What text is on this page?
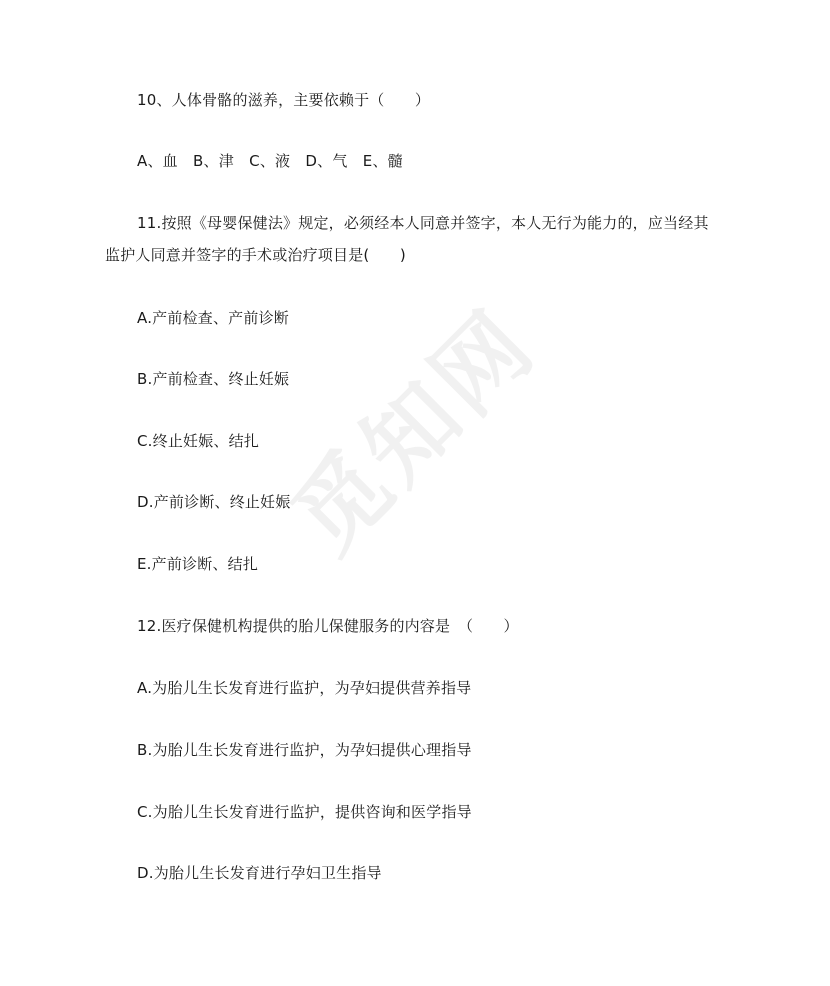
觅知网
10、人体骨骼的滋养，主要依赖于（　　）
A、血　B、津　C、液　D、气　E、髓
11.按照《母婴保健法》规定，必须经本人同意并签字，本人无行为能力的，应当经其
监护人同意并签字的手术或治疗项目是(　　)
A.产前检查、产前诊断
B.产前检查、终止妊娠
C.终止妊娠、结扎
D.产前诊断、终止妊娠
E.产前诊断、结扎
12.医疗保健机构提供的胎儿保健服务的内容是　（　　）
A.为胎儿生长发育进行监护，为孕妇提供营养指导
B.为胎儿生长发育进行监护，为孕妇提供心理指导
C.为胎儿生长发育进行监护，提供咨询和医学指导
D.为胎儿生长发育进行孕妇卫生指导
